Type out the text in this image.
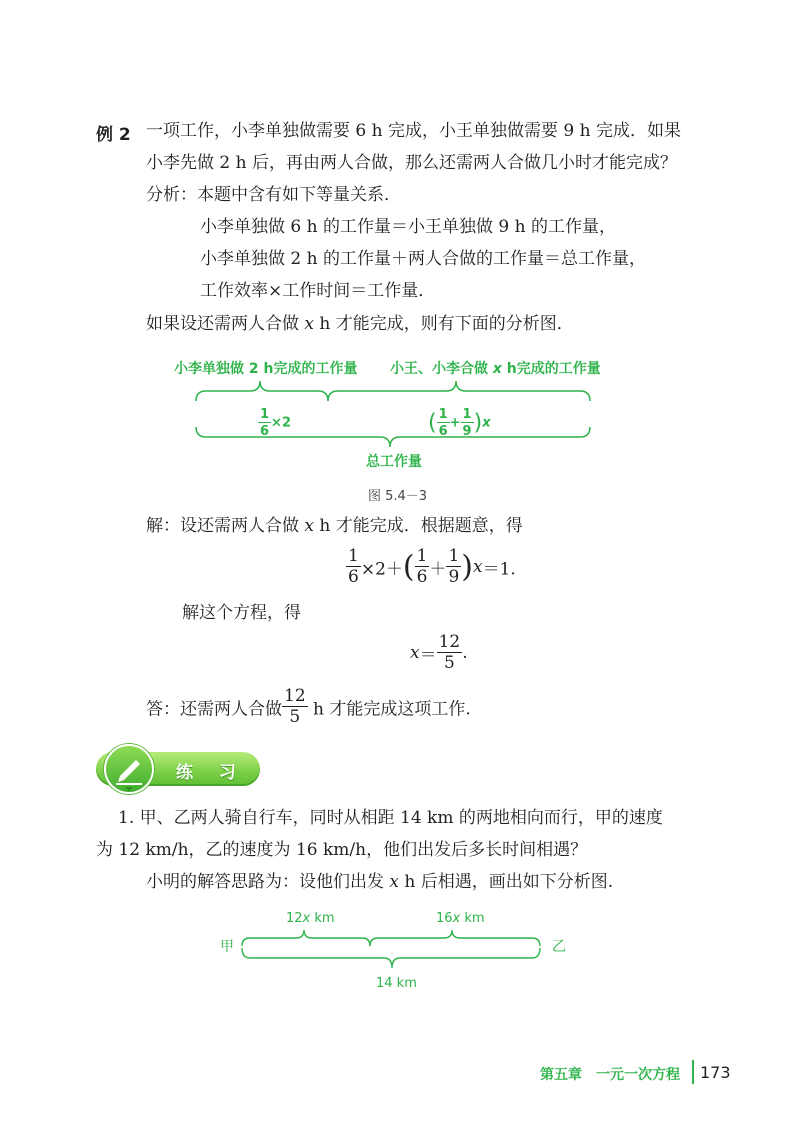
例 2 一项工作，小李单独做需要 6 h 完成，小王单独做需要 9 h 完成．如果
小李先做 2 h 后，再由两人合做，那么还需两人合做几小时才能完成？
分析：本题中含有如下等量关系．
小李单独做 6 h 的工作量＝小王单独做 9 h 的工作量，
小李单独做 2 h 的工作量＋两人合做的工作量＝总工作量，
工作效率×工作时间＝工作量．
如果设还需两人合做 x h 才能完成，则有下面的分析图．
小李单独做 2 h完成的工作量 小王、小李合做 x h完成的工作量
$\frac{1}{6} \times 2$	( $\frac{1}{6} + \frac{1}{9} )x$
总工作量
图 5.4－3
解：设还需两人合做 x h 才能完成．根据题意，得
$\frac{1}{6} \times 2+( \frac{1}{6} + \frac{1}{9} )x=1$.
解这个方程，得
$x= \frac{12}{5}$ .
答：还需两人合做 $\frac{12}{5}$ h 才能完成这项工作.
练 习
1. 甲、乙两人骑自行车，同时从相距 14 km 的两地相向而行，甲的速度
为 12 km/h，乙的速度为 16 km/h，他们出发后多长时间相遇？
小明的解答思路为：设他们出发 x h 后相遇，画出如下分析图.
12x km	16x km
甲	乙
14 km
第五章　一元一次方程 173
